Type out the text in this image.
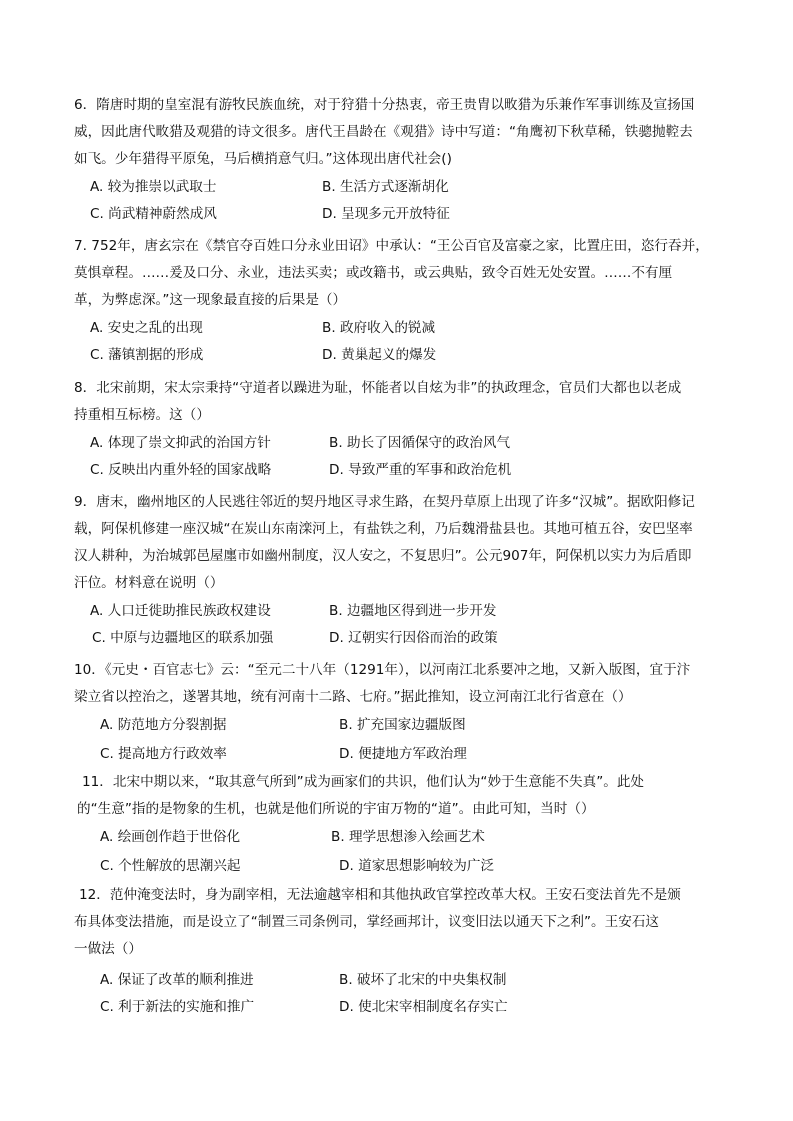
6．隋唐时期的皇室混有游牧民族血统，对于狩猎十分热衷，帝王贵胄以畋猎为乐兼作军事训练及宣扬国
威，因此唐代畋猎及观猎的诗文很多。唐代王昌龄在《观猎》诗中写道：“角鹰初下秋草稀，铁骢抛鞚去
如飞。少年猎得平原兔，马后横捎意气归。”这体现出唐代社会()
A. 较为推崇以武取士	B. 生活方式逐渐胡化
C. 尚武精神蔚然成风	D. 呈现多元开放特征
7. 752年，唐玄宗在《禁官夺百姓口分永业田诏》中承认：“王公百官及富豪之家，比置庄田，恣行吞并，
莫惧章程。……爰及口分、永业，违法买卖；或改籍书，或云典贴，致令百姓无处安置。……不有厘
革，为弊虑深。”这一现象最直接的后果是（）
A. 安史之乱的出现	B. 政府收入的锐减
C. 藩镇割据的形成	D. 黄巢起义的爆发
8．北宋前期，宋太宗秉持“守道者以躁进为耻，怀能者以自炫为非”的执政理念，官员们大都也以老成
持重相互标榜。这（）
A. 体现了崇文抑武的治国方针	B. 助长了因循保守的政治风气
C. 反映出内重外轻的国家战略	D. 导致严重的军事和政治危机
9．唐末，幽州地区的人民逃往邻近的契丹地区寻求生路，在契丹草原上出现了许多“汉城”。据欧阳修记
载，阿保机修建一座汉城“在炭山东南滦河上，有盐铁之利，乃后魏滑盐县也。其地可植五谷，安巴坚率
汉人耕种，为治城郭邑屋廛市如幽州制度，汉人安之，不复思归”。公元907年，阿保机以实力为后盾即
汗位。材料意在说明（）
A. 人口迁徙助推民族政权建设	B. 边疆地区得到进一步开发
C. 中原与边疆地区的联系加强	D. 辽朝实行因俗而治的政策
10．《元史・百官志七》云：“至元二十八年（1291年），以河南江北系要冲之地，又新入版图，宜于汴
梁立省以控治之，遂署其地，统有河南十二路、七府。”据此推知，设立河南江北行省意在（）
A. 防范地方分裂割据	B. 扩充国家边疆版图
C. 提高地方行政效率	D. 便捷地方军政治理
11．北宋中期以来，“取其意气所到”成为画家们的共识，他们认为“妙于生意能不失真”。此处
的“生意”指的是物象的生机，也就是他们所说的宇宙万物的“道”。由此可知，当时（）
A. 绘画创作趋于世俗化	B. 理学思想渗入绘画艺术
C. 个性解放的思潮兴起	D. 道家思想影响较为广泛
12．范仲淹变法时，身为副宰相，无法逾越宰相和其他执政官掌控改革大权。王安石变法首先不是颁
布具体变法措施，而是设立了“制置三司条例司，掌经画邦计，议变旧法以通天下之利”。王安石这
一做法（）
A. 保证了改革的顺利推进	B. 破坏了北宋的中央集权制
C. 利于新法的实施和推广	D. 使北宋宰相制度名存实亡
